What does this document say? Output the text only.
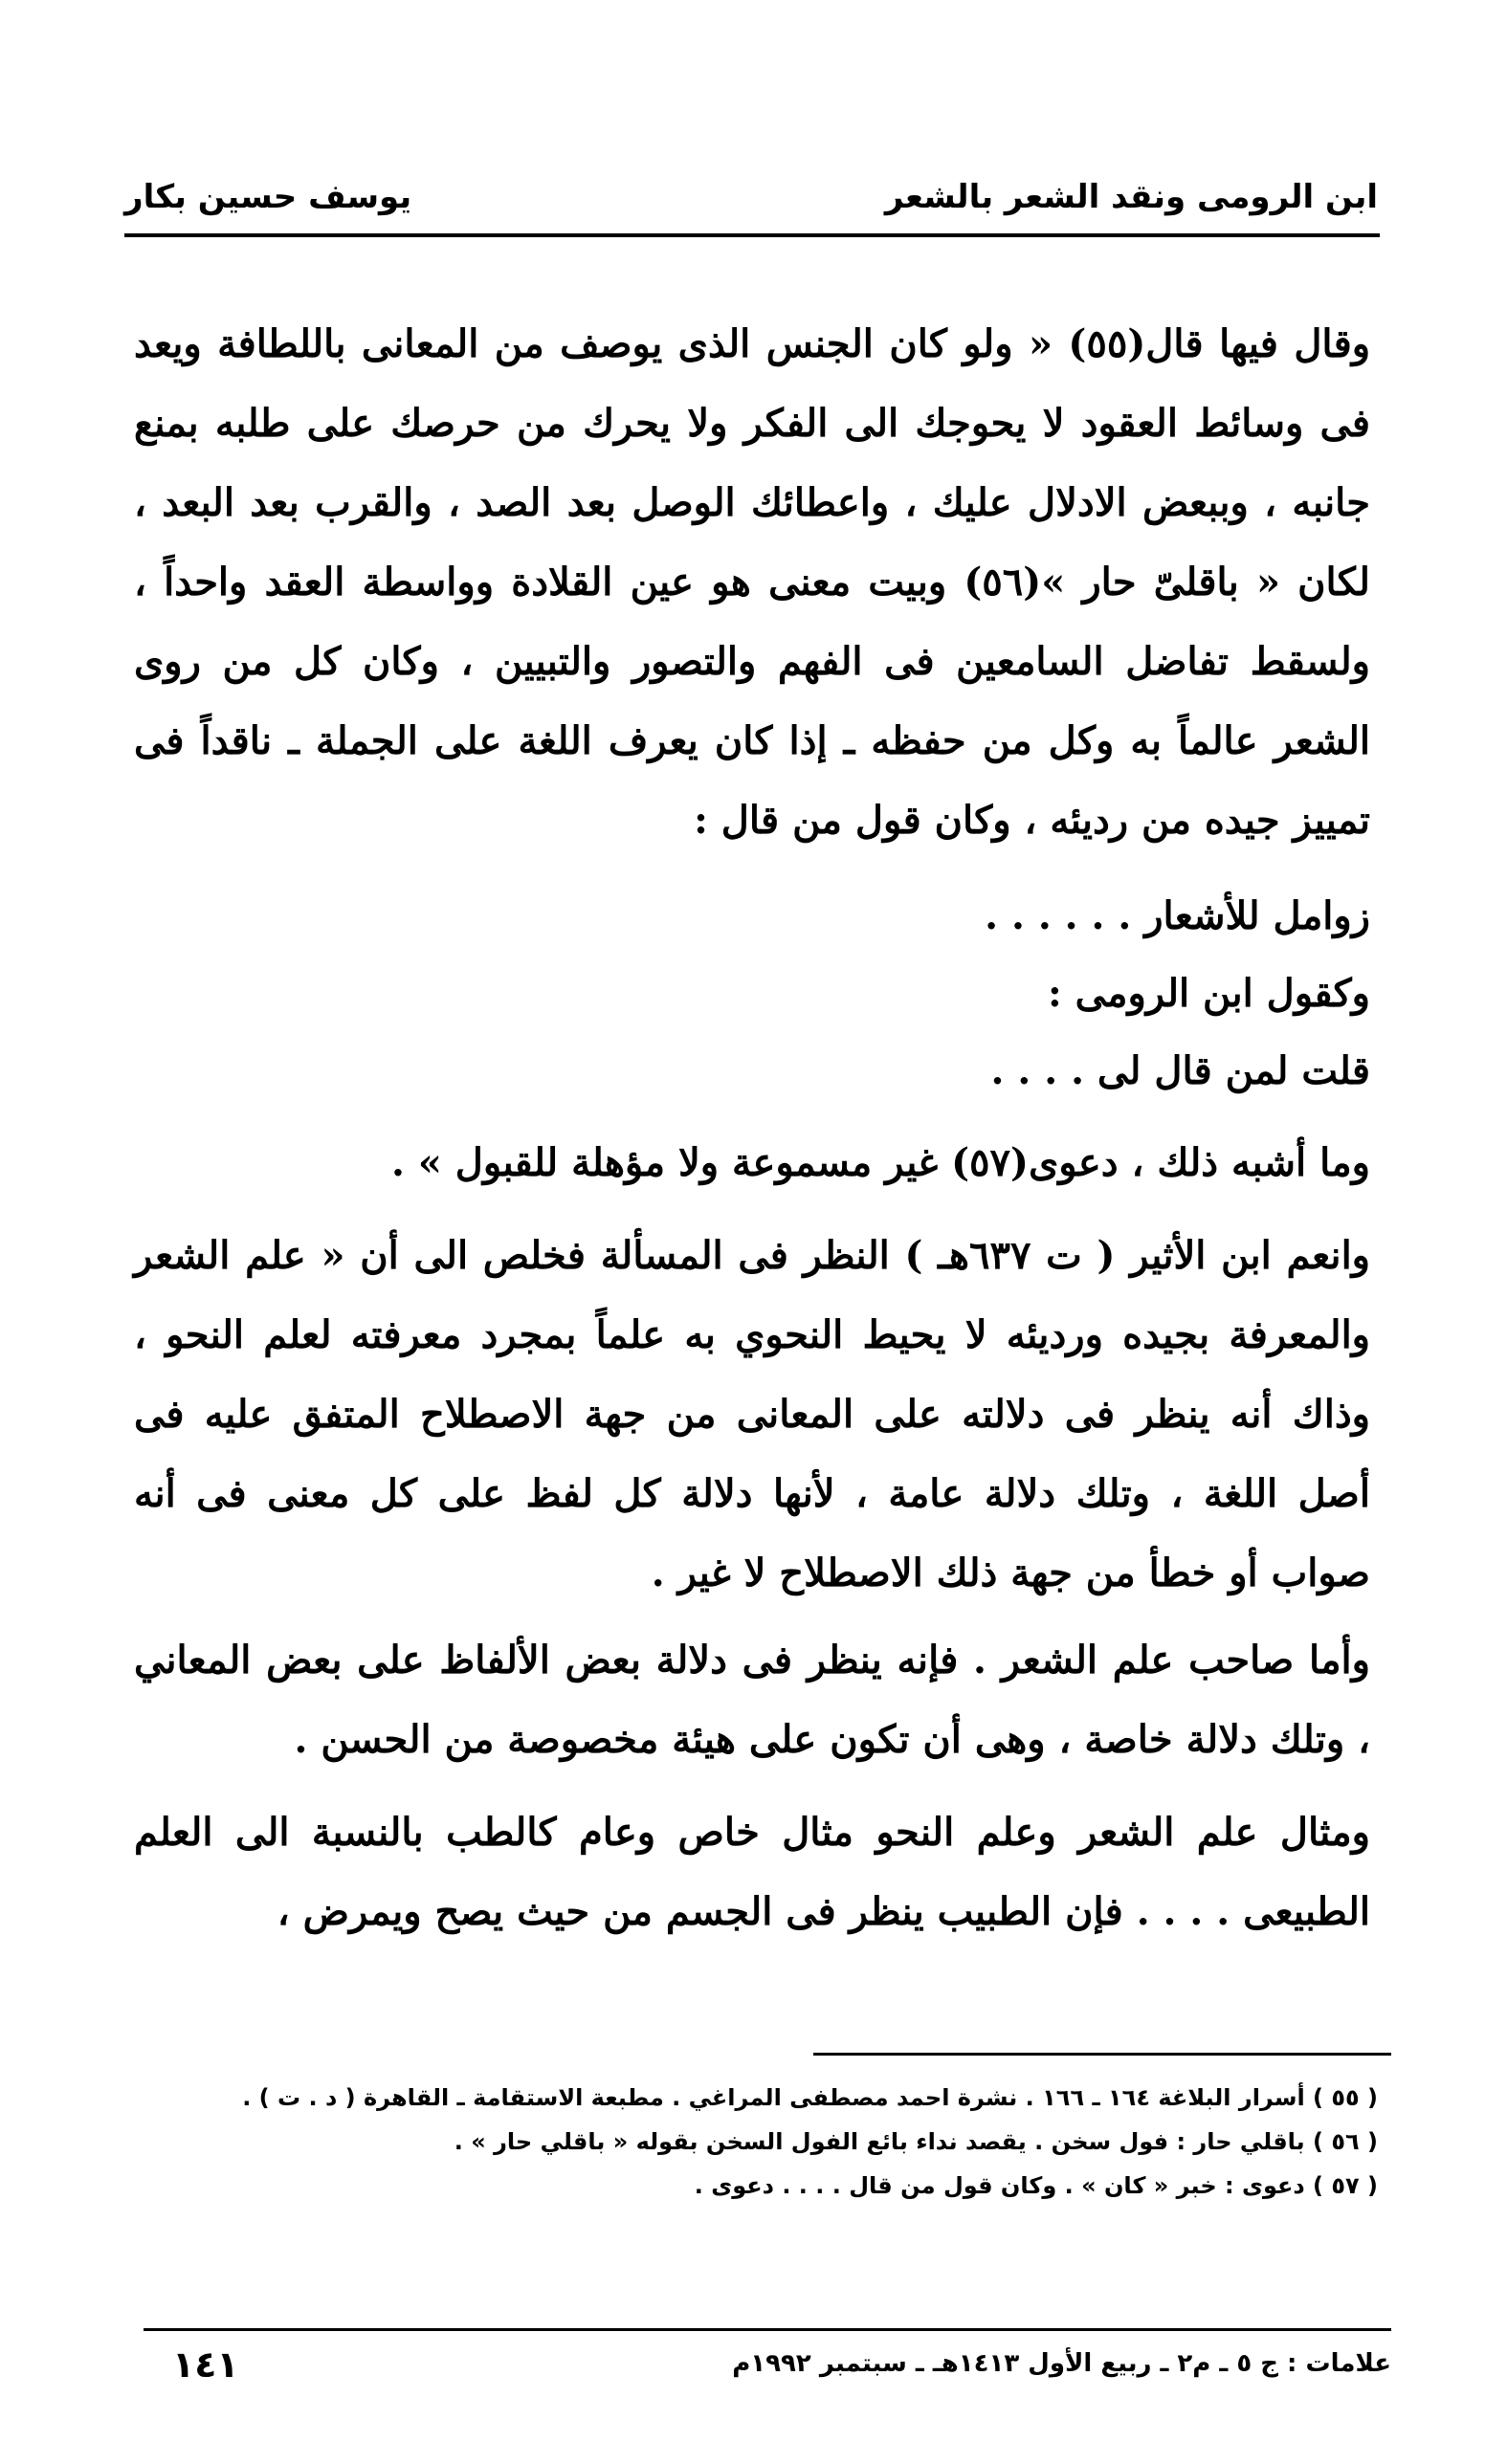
ابن الرومى ونقد الشعر بالشعر
يوسف حسين بكار

وقال فيها قال(٥٥) « ولو كان الجنس الذى يوصف من المعانى باللطافة ويعد فى وسائط العقود لا يحوجك الى الفكر ولا يحرك من حرصك على طلبه بمنع جانبه ، وببعض الادلال عليك ، واعطائك الوصل بعد الصد ، والقرب بعد البعد ، لكان « باقلىّ حار »(٥٦) وبيت معنى هو عين القلادة وواسطة العقد واحداً ، ولسقط تفاضل السامعين فى الفهم والتصور والتبيين ، وكان كل من روى الشعر عالماً به وكل من حفظه ـ إذا كان يعرف اللغة على الجملة ـ ناقداً فى تمييز جيده من رديئه ، وكان قول من قال :

زوامل للأشعار . . . . . .
وكقول ابن الرومى :
قلت لمن قال لى . . . .

وما أشبه ذلك ، دعوى(٥٧) غير مسموعة ولا مؤهلة للقبول » .

وانعم ابن الأثير ( ت ٦٣٧هـ ) النظر فى المسألة فخلص الى أن « علم الشعر والمعرفة بجيده ورديئه لا يحيط النحوي به علماً بمجرد معرفته لعلم النحو ، وذاك أنه ينظر فى دلالته على المعانى من جهة الاصطلاح المتفق عليه فى أصل اللغة ، وتلك دلالة عامة ، لأنها دلالة كل لفظ على كل معنى فى أنه صواب أو خطأ من جهة ذلك الاصطلاح لا غير .

وأما صاحب علم الشعر . فإنه ينظر فى دلالة بعض الألفاظ على بعض المعاني ، وتلك دلالة خاصة ، وهى أن تكون على هيئة مخصوصة من الحسن .

ومثال علم الشعر وعلم النحو مثال خاص وعام كالطب بالنسبة الى العلم الطبيعى . . . . فإن الطبيب ينظر فى الجسم من حيث يصح ويمرض ،

( ٥٥ ) أسرار البلاغة ١٦٤ ـ ١٦٦ . نشرة احمد مصطفى المراغي . مطبعة الاستقامة ـ القاهرة ( د . ت ) .
( ٥٦ ) باقلي حار : فول سخن . يقصد نداء بائع الفول السخن بقوله « باقلي حار » .
( ٥٧ ) دعوى : خبر « كان » . وكان قول من قال . . . . دعوى .
علامات : ج ٥ ـ م٢ ـ ربيع الأول ١٤١٣هـ ـ سبتمبر ١٩٩٢م
١٤١
